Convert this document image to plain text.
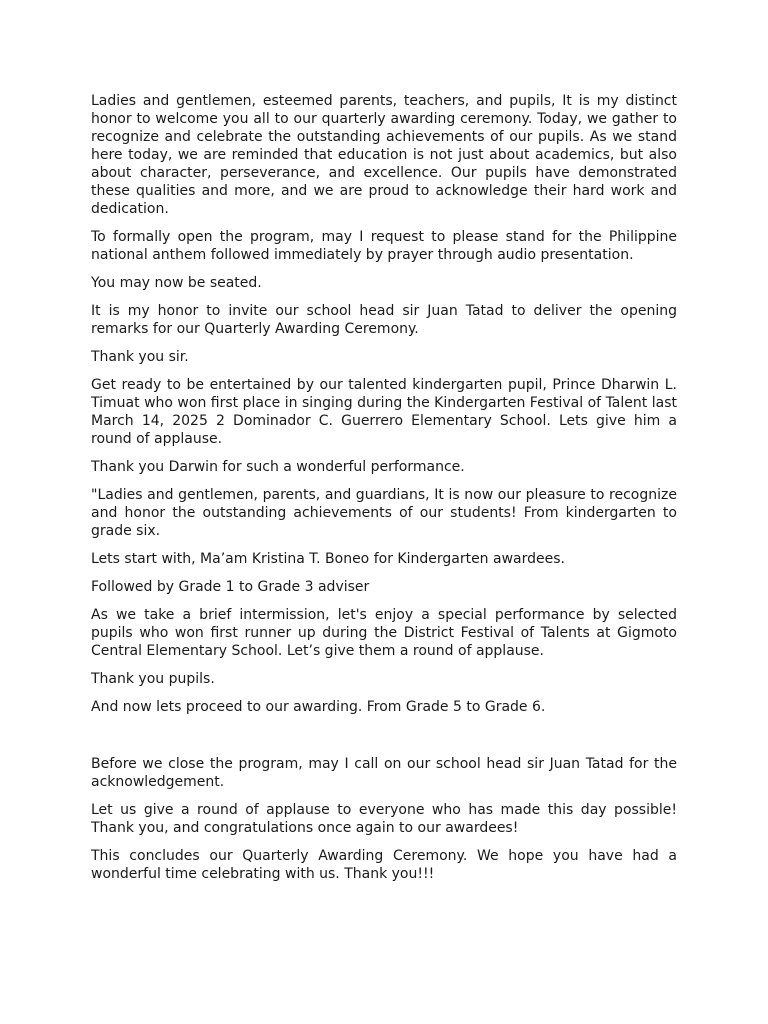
Ladies and gentlemen, esteemed parents, teachers, and pupils, It is my distinct honor to welcome you all to our quarterly awarding ceremony. Today, we gather to recognize and celebrate the outstanding achievements of our pupils. As we stand here today, we are reminded that education is not just about academics, but also about character, perseverance, and excellence. Our pupils have demonstrated these qualities and more, and we are proud to acknowledge their hard work and dedication.

To formally open the program, may I request to please stand for the Philippine national anthem followed immediately by prayer through audio presentation.

You may now be seated.

It is my honor to invite our school head sir Juan Tatad to deliver the opening remarks for our Quarterly Awarding Ceremony.

Thank you sir.

Get ready to be entertained by our talented kindergarten pupil, Prince Dharwin L. Timuat who won first place in singing during the Kindergarten Festival of Talent last March 14, 2025 2 Dominador C. Guerrero Elementary School. Lets give him a round of applause.

Thank you Darwin for such a wonderful performance.

"Ladies and gentlemen, parents, and guardians, It is now our pleasure to recognize and honor the outstanding achievements of our students! From kindergarten to grade six.

Lets start with, Ma’am Kristina T. Boneo for Kindergarten awardees.

Followed by Grade 1 to Grade 3 adviser

As we take a brief intermission, let's enjoy a special performance by selected pupils who won first runner up during the District Festival of Talents at Gigmoto Central Elementary School. Let’s give them a round of applause.

Thank you pupils.

And now lets proceed to our awarding. From Grade 5 to Grade 6.

Before we close the program, may I call on our school head sir Juan Tatad for the acknowledgement.

Let us give a round of applause to everyone who has made this day possible! Thank you, and congratulations once again to our awardees!

This concludes our Quarterly Awarding Ceremony. We hope you have had a wonderful time celebrating with us. Thank you!!!
